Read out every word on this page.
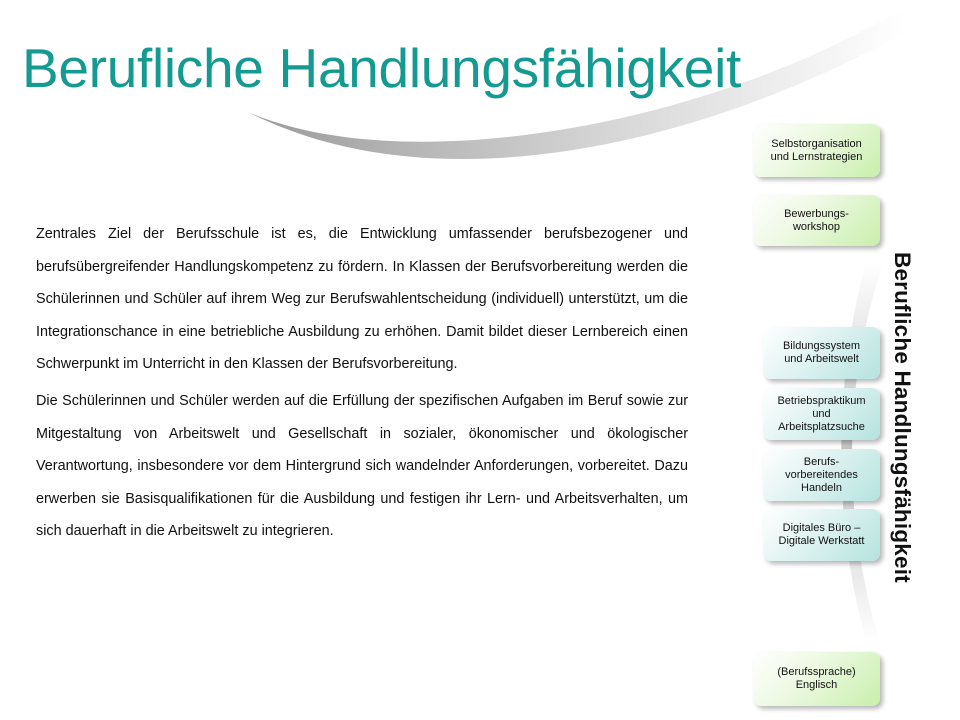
Berufliche Handlungsfähigkeit

Zentrales Ziel der Berufsschule ist es, die Entwicklung umfassender berufsbezogener und berufsübergreifender Handlungskompetenz zu fördern. In Klassen der Berufsvorbereitung werden die Schülerinnen und Schüler auf ihrem Weg zur Berufswahlentscheidung (individuell) unterstützt, um die Integrationschance in eine betriebliche Ausbildung zu erhöhen. Damit bildet dieser Lernbereich einen Schwerpunkt im Unterricht in den Klassen der Berufsvorbereitung.

Die Schülerinnen und Schüler werden auf die Erfüllung der spezifischen Aufgaben im Beruf sowie zur Mitgestaltung von Arbeitswelt und Gesellschaft in sozialer, ökonomischer und ökologischer Verantwortung, insbesondere vor dem Hintergrund sich wandelnder Anforderungen, vorbereitet. Dazu erwerben sie Basisqualifikationen für die Ausbildung und festigen ihr Lern- und Arbeitsverhalten, um sich dauerhaft in die Arbeitswelt zu integrieren.

Selbstorganisation und Lernstrategien
Bewerbungs- workshop
Bildungssystem und Arbeitswelt
Betriebspraktikum und Arbeitsplatzsuche
Berufs- vorbereitendes Handeln
Digitales Büro – Digitale Werkstatt
(Berufssprache) Englisch
Berufliche Handlungsfähigkeit
